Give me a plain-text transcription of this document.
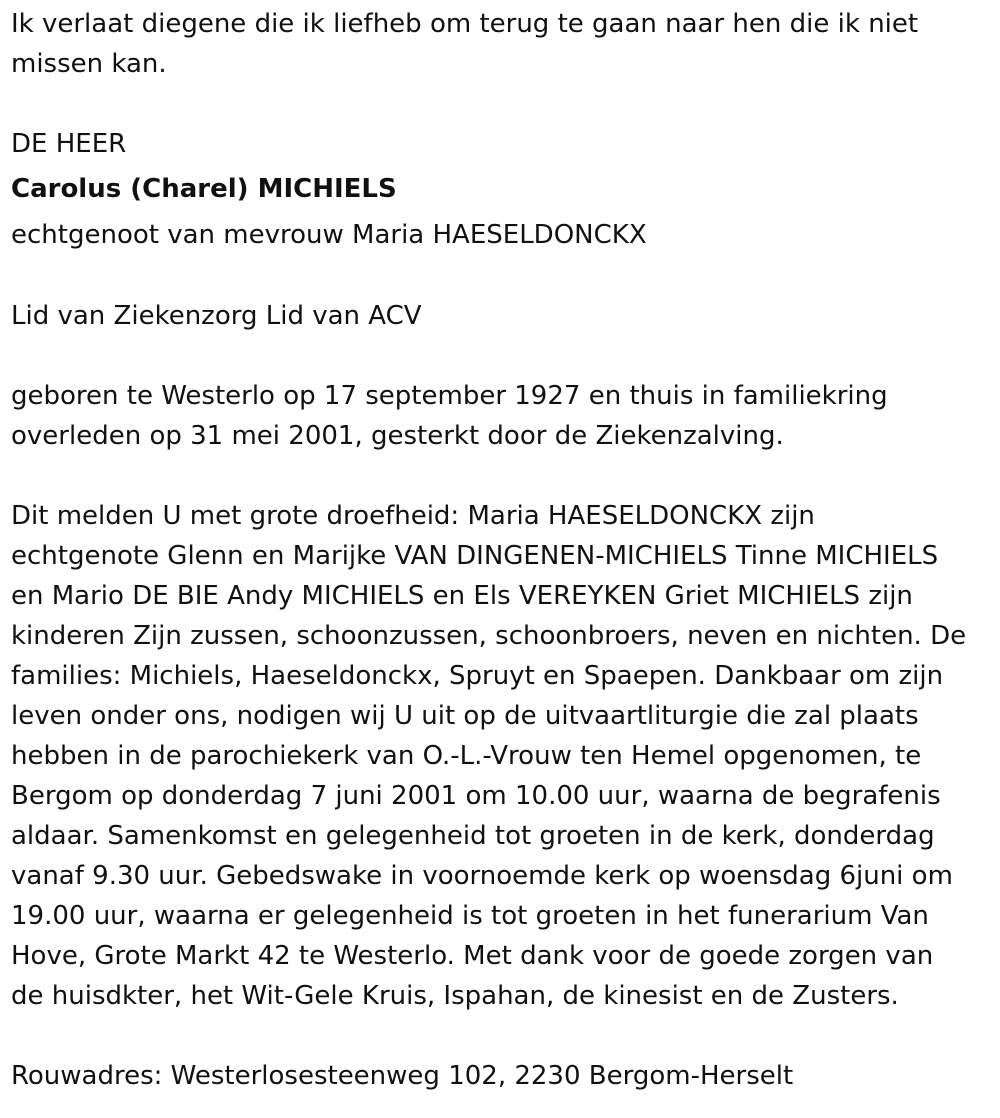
Ik verlaat diegene die ik liefheb om terug te gaan naar hen die ik niet
missen kan.
DE HEER
Carolus (Charel) MICHIELS
echtgenoot van mevrouw Maria HAESELDONCKX
Lid van Ziekenzorg Lid van ACV
geboren te Westerlo op 17 september 1927 en thuis in familiekring
overleden op 31 mei 2001, gesterkt door de Ziekenzalving.
Dit melden U met grote droefheid: Maria HAESELDONCKX zijn
echtgenote Glenn en Marijke VAN DINGENEN-MICHIELS Tinne MICHIELS
en Mario DE BIE Andy MICHIELS en Els VEREYKEN Griet MICHIELS zijn
kinderen Zijn zussen, schoonzussen, schoonbroers, neven en nichten. De
families: Michiels, Haeseldonckx, Spruyt en Spaepen. Dankbaar om zijn
leven onder ons, nodigen wij U uit op de uitvaartliturgie die zal plaats
hebben in de parochiekerk van O.-L.-Vrouw ten Hemel opgenomen, te
Bergom op donderdag 7 juni 2001 om 10.00 uur, waarna de begrafenis
aldaar. Samenkomst en gelegenheid tot groeten in de kerk, donderdag
vanaf 9.30 uur. Gebedswake in voornoemde kerk op woensdag 6juni om
19.00 uur, waarna er gelegenheid is tot groeten in het funerarium Van
Hove, Grote Markt 42 te Westerlo. Met dank voor de goede zorgen van
de huisdkter, het Wit-Gele Kruis, Ispahan, de kinesist en de Zusters.
Rouwadres: Westerlosesteenweg 102, 2230 Bergom-Herselt
